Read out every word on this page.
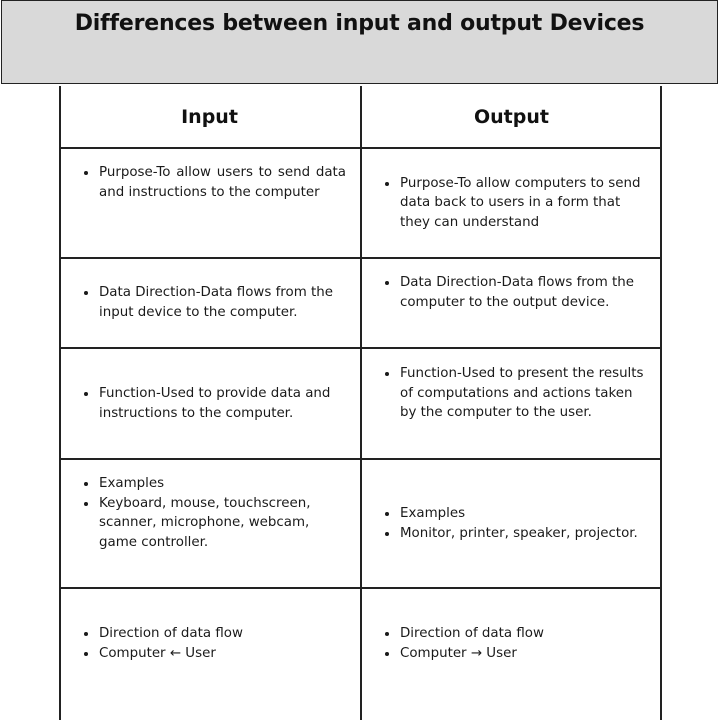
Differences between input and output Devices
Input	Output
Purpose-To allow users to send data and instructions to the computer
Purpose-To allow computers to send data back to users in a form that they can understand
Data Direction-Data flows from the input device to the computer.
Data Direction-Data flows from the computer to the output device.
Function-Used to provide data and instructions to the computer.
Function-Used to present the results of computations and actions taken by the computer to the user.
Examples
Keyboard, mouse, touchscreen, scanner, microphone, webcam, game controller.
Examples
Monitor, printer, speaker, projector.
Direction of data flow
Computer ← User
Direction of data flow
Computer → User
